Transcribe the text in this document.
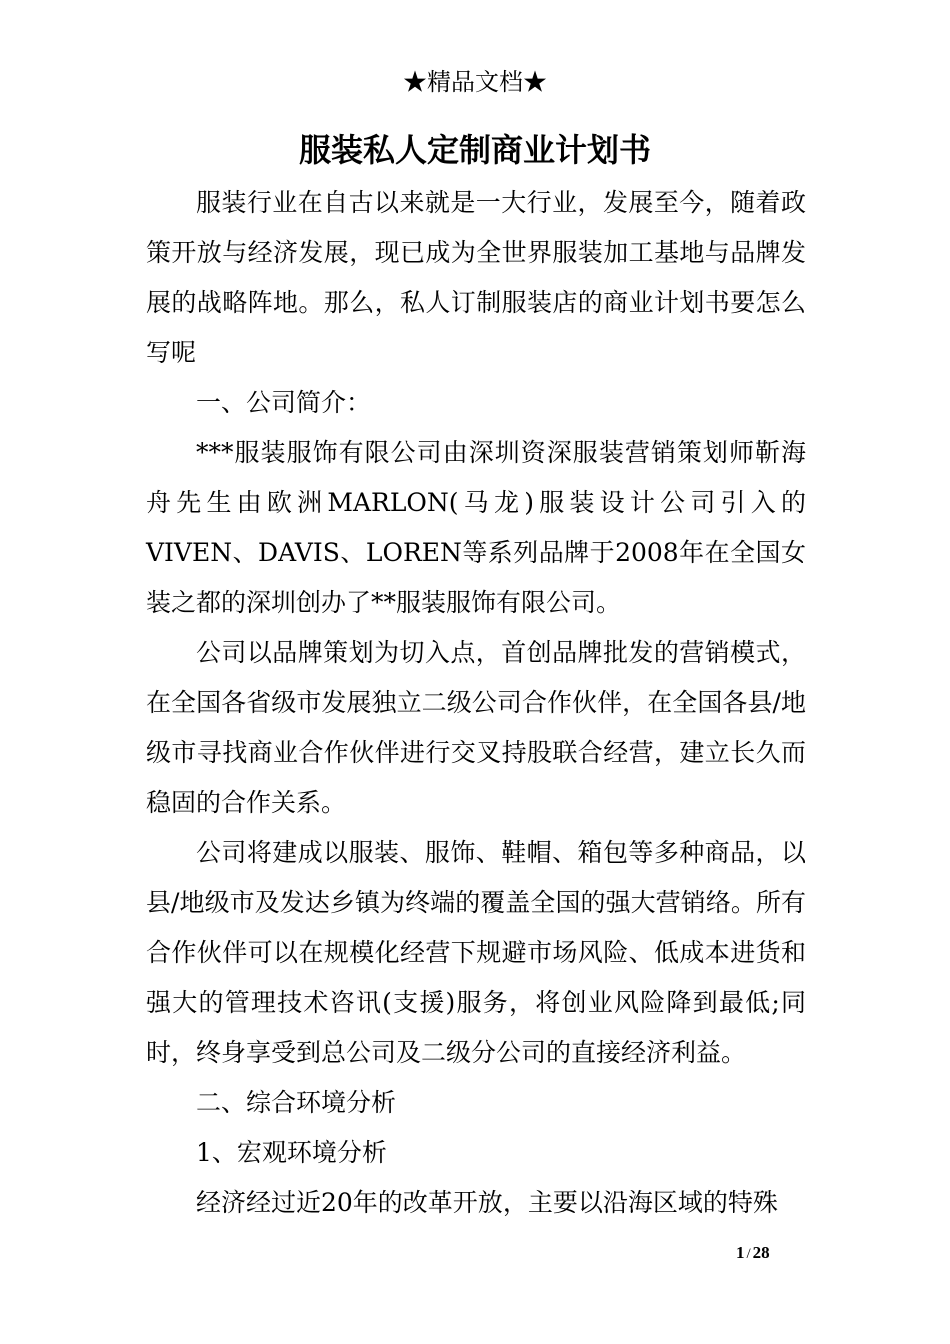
★精品文档★
服装私人定制商业计划书

服装行业在自古以来就是一大行业，发展至今，随着政策开放与经济发展，现已成为全世界服装加工基地与品牌发展的战略阵地。那么，私人订制服装店的商业计划书要怎么写呢

一、公司简介：

***服装服饰有限公司由深圳资深服装营销策划师靳海舟先生由欧洲MARLON(马龙)服装设计公司引入的VIVEN、DAVIS、LOREN等系列品牌于2008年在全国女装之都的深圳创办了**服装服饰有限公司。

公司以品牌策划为切入点，首创品牌批发的营销模式，在全国各省级市发展独立二级公司合作伙伴，在全国各县/地级市寻找商业合作伙伴进行交叉持股联合经营，建立长久而稳固的合作关系。

公司将建成以服装、服饰、鞋帽、箱包等多种商品，以县/地级市及发达乡镇为终端的覆盖全国的强大营销络。所有合作伙伴可以在规模化经营下规避市场风险、低成本进货和强大的管理技术咨讯(支援)服务，将创业风险降到最低;同时，终身享受到总公司及二级分公司的直接经济利益。

二、综合环境分析

1、宏观环境分析

经济经过近20年的改革开放，主要以沿海区域的特殊

1 / 28
